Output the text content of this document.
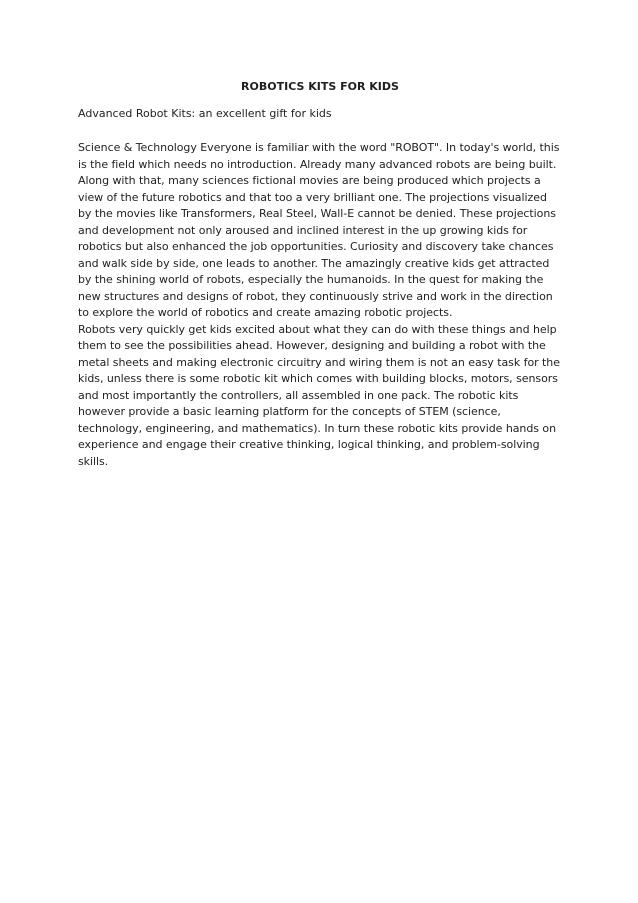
ROBOTICS KITS FOR KIDS

Advanced Robot Kits: an excellent gift for kids

Science & Technology Everyone is familiar with the word "ROBOT". In today's world, this is the field which needs no introduction. Already many advanced robots are being built. Along with that, many sciences fictional movies are being produced which projects a view of the future robotics and that too a very brilliant one. The projections visualized by the movies like Transformers, Real Steel, Wall-E cannot be denied. These projections and development not only aroused and inclined interest in the up growing kids for robotics but also enhanced the job opportunities. Curiosity and discovery take chances and walk side by side, one leads to another. The amazingly creative kids get attracted by the shining world of robots, especially the humanoids. In the quest for making the new structures and designs of robot, they continuously strive and work in the direction to explore the world of robotics and create amazing robotic projects.

Robots very quickly get kids excited about what they can do with these things and help them to see the possibilities ahead. However, designing and building a robot with the metal sheets and making electronic circuitry and wiring them is not an easy task for the kids, unless there is some robotic kit which comes with building blocks, motors, sensors and most importantly the controllers, all assembled in one pack. The robotic kits however provide a basic learning platform for the concepts of STEM (science, technology, engineering, and mathematics). In turn these robotic kits provide hands on experience and engage their creative thinking, logical thinking, and problem-solving skills.
